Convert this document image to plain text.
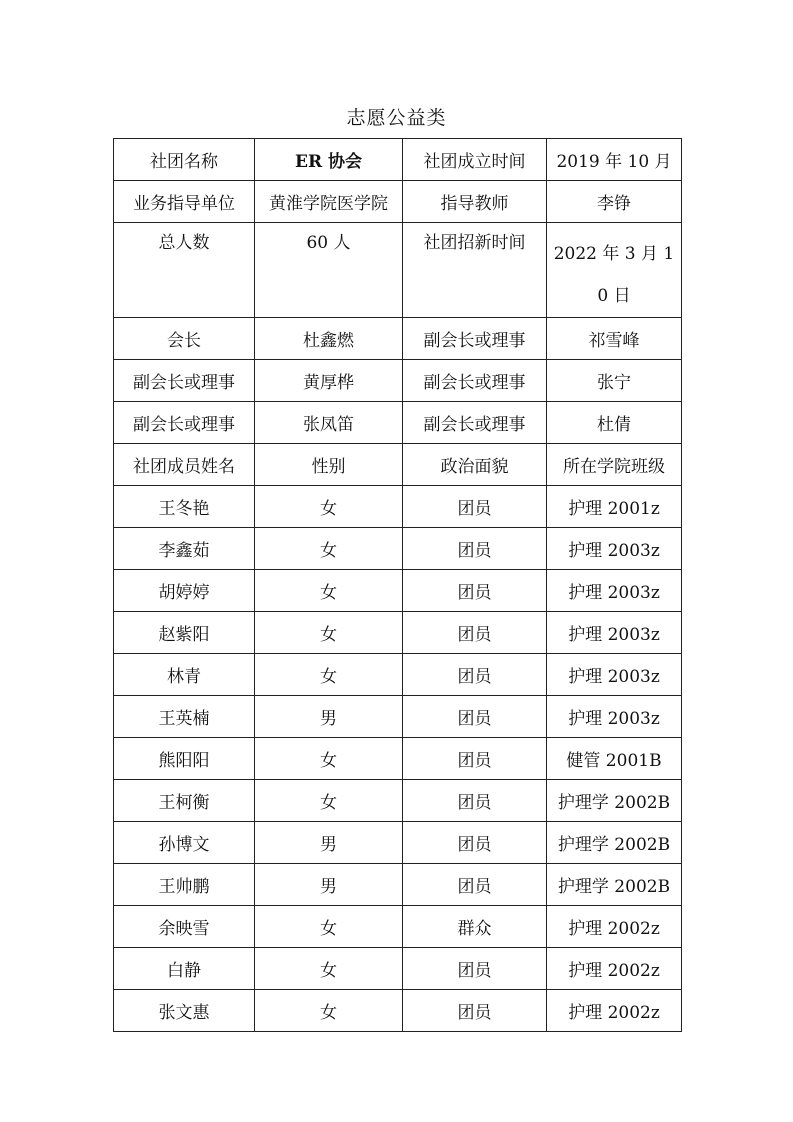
志愿公益类
社团名称	ER 协会	社团成立时间	2019 年 10 月
业务指导单位	黄淮学院医学院	指导教师	李铮

总人数	60 人	社团招新时间	2022 年 3 月 10 日

会长	杜鑫燃	副会长或理事	祁雪峰
副会长或理事	黄厚桦	副会长或理事	张宁
副会长或理事	张凤笛	副会长或理事	杜倩
社团成员姓名	性别	政治面貌	所在学院班级
王冬艳	女	团员	护理 2001z
李鑫茹	女	团员	护理 2003z
胡婷婷	女	团员	护理 2003z
赵紫阳	女	团员	护理 2003z
林青	女	团员	护理 2003z
王英楠	男	团员	护理 2003z
熊阳阳	女	团员	健管 2001B
王柯衡	女	团员	护理学 2002B
孙博文	男	团员	护理学 2002B
王帅鹏	男	团员	护理学 2002B
余映雪	女	群众	护理 2002z
白静	女	团员	护理 2002z
张文惠	女	团员	护理 2002z
